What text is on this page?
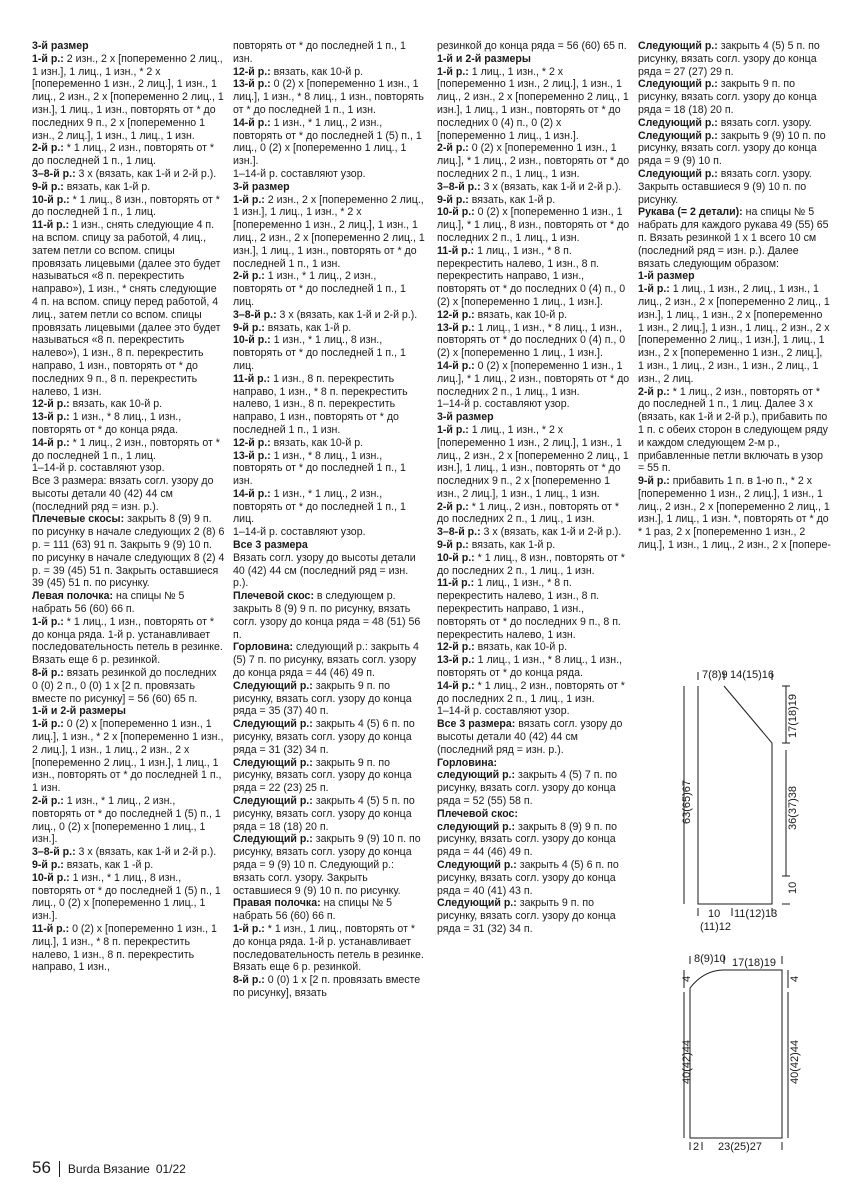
3-й размер

1-й р.: 2 изн., 2 х [попеременно 2 лиц., 1 изн.], 1 лиц., 1 изн., * 2 х [попеременно 1 изн., 2 лиц.], 1 изн., 1 лиц., 2 изн., 2 х [попеременно 2 лиц., 1 изн.], 1 лиц., 1 изн., повторять от * до последних 9 п., 2 х [попеременно 1 изн., 2 лиц.], 1 изн., 1 лиц., 1 изн.

2-й р.: * 1 лиц., 2 изн., повторять от * до последней 1 п., 1 лиц.

3–8-й р.: 3 х (вязать, как 1-й и 2-й р.).

9-й р.: вязать, как 1-й р.

10-й р.: * 1 лиц., 8 изн., повторять от * до последней 1 п., 1 лиц.

11-й р.: 1 изн., снять следующие 4 п. на вспом. спицу за работой, 4 лиц., затем петли со вспом. спицы провязать лицевыми (далее это будет называться «8 п. перекрестить направо»), 1 изн., * снять следующие 4 п. на вспом. спицу перед работой, 4 лиц., затем петли со вспом. спицы провязать лицевыми (далее это будет называться «8 п. перекрестить налево»), 1 изн., 8 п. перекрестить направо, 1 изн., повторять от * до последних 9 п., 8 п. перекрестить налево, 1 изн.

12-й р.: вязать, как 10-й р.

13-й р.: 1 изн., * 8 лиц., 1 изн., повторять от * до конца ряда.

14-й р.: * 1 лиц., 2 изн., повторять от * до последней 1 п., 1 лиц.

1–14-й р. составляют узор.

Все 3 размера: вязать согл. узору до высоты детали 40 (42) 44 см (последний ряд = изн. р.).

Плечевые скосы: закрыть 8 (9) 9 п. по рисунку в начале следующих 2 (8) 6 р. = 111 (63) 91 п. Закрыть 9 (9) 10 п. по рисунку в начале следующих 8 (2) 4 р. = 39 (45) 51 п. Закрыть оставшиеся 39 (45) 51 п. по рисунку.

Левая полочка: на спицы № 5 набрать 56 (60) 66 п.

1-й р.: * 1 лиц., 1 изн., повторять от * до конца ряда. 1-й р. устанавливает последовательность петель в резинке. Вязать еще 6 р. резинкой.

8-й р.: вязать резинкой до последних 0 (0) 2 п., 0 (0) 1 х [2 п. провязать вместе по рисунку] = 56 (60) 65 п.

1-й и 2-й размеры

1-й р.: 0 (2) х [попеременно 1 изн., 1 лиц.], 1 изн., * 2 х [попеременно 1 изн., 2 лиц.], 1 изн., 1 лиц., 2 изн., 2 х [попеременно 2 лиц., 1 изн.], 1 лиц., 1 изн., повторять от * до последней 1 п., 1 изн.

2-й р.: 1 изн., * 1 лиц., 2 изн., повторять от * до последней 1 (5) п., 1 лиц., 0 (2) х [попеременно 1 лиц., 1 изн.].

3–8-й р.: 3 х (вязать, как 1-й и 2-й р.).

9-й р.: вязать, как 1 -й р.

10-й р.: 1 изн., * 1 лиц., 8 изн., повторять от * до последней 1 (5) п., 1 лиц., 0 (2) х [попеременно 1 лиц., 1 изн.].

11-й р.: 0 (2) х [попеременно 1 изн., 1 лиц.], 1 изн., * 8 п. перекрестить налево, 1 изн., 8 п. перекрестить направо, 1 изн.,

повторять от * до последней 1 п., 1 изн.

12-й р.: вязать, как 10-й р.

13-й р.: 0 (2) х [попеременно 1 изн., 1 лиц.], 1 изн., * 8 лиц., 1 изн., повторять от * до последней 1 п., 1 изн.

14-й р.: 1 изн., * 1 лиц., 2 изн., повторять от * до последней 1 (5) п., 1 лиц., 0 (2) х [попеременно 1 лиц., 1 изн.].

1–14-й р. составляют узор.

3-й размер

1-й р.: 2 изн., 2 х [попеременно 2 лиц., 1 изн.], 1 лиц., 1 изн., * 2 х [попеременно 1 изн., 2 лиц.], 1 изн., 1 лиц., 2 изн., 2 х [попеременно 2 лиц., 1 изн.], 1 лиц., 1 изн., повторять от * до последней 1 п., 1 изн.

2-й р.: 1 изн., * 1 лиц., 2 изн., повторять от * до последней 1 п., 1 лиц.

3–8-й р.: 3 х (вязать, как 1-й и 2-й р.).

9-й р.: вязать, как 1-й р.

10-й р.: 1 изн., * 1 лиц., 8 изн., повторять от * до последней 1 п., 1 лиц.

11-й р.: 1 изн., 8 п. перекрестить направо, 1 изн., * 8 п. перекрестить налево, 1 изн., 8 п. перекрестить направо, 1 изн., повторять от * до последней 1 п., 1 изн.

12-й р.: вязать, как 10-й р.

13-й р.: 1 изн., * 8 лиц., 1 изн., повторять от * до последней 1 п., 1 изн.

14-й р.: 1 изн., * 1 лиц., 2 изн., повторять от * до последней 1 п., 1 лиц.

1–14-й р. составляют узор.

Все 3 размера

Вязать согл. узору до высоты детали 40 (42) 44 см (последний ряд = изн. р.).

Плечевой скос: в следующем р. закрыть 8 (9) 9 п. по рисунку, вязать согл. узору до конца ряда = 48 (51) 56 п.

Горловина: следующий р.: закрыть 4 (5) 7 п. по рисунку, вязать согл. узору до конца ряда = 44 (46) 49 п.

Следующий р.: закрыть 9 п. по рисунку, вязать согл. узору до конца ряда = 35 (37) 40 п.

Следующий р.: закрыть 4 (5) 6 п. по рисунку, вязать согл. узору до конца ряда = 31 (32) 34 п.

Следующий р.: закрыть 9 п. по рисунку, вязать согл. узору до конца ряда = 22 (23) 25 п.

Следующий р.: закрыть 4 (5) 5 п. по рисунку, вязать согл. узору до конца ряда = 18 (18) 20 п.

Следующий р.: закрыть 9 (9) 10 п. по рисунку, вязать согл. узору до конца ряда = 9 (9) 10 п. Следующий р.: вязать согл. узору. Закрыть оставшиеся 9 (9) 10 п. по рисунку.

Правая полочка: на спицы № 5 набрать 56 (60) 66 п.

1-й р.: * 1 изн., 1 лиц., повторять от * до конца ряда. 1-й р. устанавливает последовательность петель в резинке. Вязать еще 6 р. резинкой.

8-й р.: 0 (0) 1 х [2 п. провязать вместе по рисунку], вязать

резинкой до конца ряда = 56 (60) 65 п.

1-й и 2-й размеры

1-й р.: 1 лиц., 1 изн., * 2 х [попеременно 1 изн., 2 лиц.], 1 изн., 1 лиц., 2 изн., 2 х [попеременно 2 лиц., 1 изн.], 1 лиц., 1 изн., повторять от * до последних 0 (4) п., 0 (2) х [попеременно 1 лиц., 1 изн.].

2-й р.: 0 (2) х [попеременно 1 изн., 1 лиц.], * 1 лиц., 2 изн., повторять от * до последних 2 п., 1 лиц., 1 изн.

3–8-й р.: 3 х (вязать, как 1-й и 2-й р.).

9-й р.: вязать, как 1-й р.

10-й р.: 0 (2) х [попеременно 1 изн., 1 лиц.], * 1 лиц., 8 изн., повторять от * до последних 2 п., 1 лиц., 1 изн.

11-й р.: 1 лиц., 1 изн., * 8 п. перекрестить налево, 1 изн., 8 п. перекрестить направо, 1 изн., повторять от * до последних 0 (4) п., 0 (2) х [попеременно 1 лиц., 1 изн.].

12-й р.: вязать, как 10-й р.

13-й р.: 1 лиц., 1 изн., * 8 лиц., 1 изн., повторять от * до последних 0 (4) п., 0 (2) х [попеременно 1 лиц., 1 изн.].

14-й р.: 0 (2) х [попеременно 1 изн., 1 лиц.], * 1 лиц., 2 изн., повторять от * до последних 2 п., 1 лиц., 1 изн.

1–14-й р. составляют узор.

3-й размер

1-й р.: 1 лиц., 1 изн., * 2 х [попеременно 1 изн., 2 лиц.], 1 изн., 1 лиц., 2 изн., 2 х [попеременно 2 лиц., 1 изн.], 1 лиц., 1 изн., повторять от * до последних 9 п., 2 х [попеременно 1 изн., 2 лиц.], 1 изн., 1 лиц., 1 изн.

2-й р.: * 1 лиц., 2 изн., повторять от * до последних 2 п., 1 лиц., 1 изн.

3–8-й р.: 3 х (вязать, как 1-й и 2-й р.).

9-й р.: вязать, как 1-й р.

10-й р.: * 1 лиц., 8 изн., повторять от * до последних 2 п., 1 лиц., 1 изн.

11-й р.: 1 лиц., 1 изн., * 8 п. перекрестить налево, 1 изн., 8 п. перекрестить направо, 1 изн., повторять от * до последних 9 п., 8 п. перекрестить налево, 1 изн.

12-й р.: вязать, как 10-й р.

13-й р.: 1 лиц., 1 изн., * 8 лиц., 1 изн., повторять от * до конца ряда.

14-й р.: * 1 лиц., 2 изн., повторять от * до последних 2 п., 1 лиц., 1 изн.

1–14-й р. составляют узор.

Все 3 размера: вязать согл. узору до высоты детали 40 (42) 44 см (последний ряд = изн. р.).

Горловина:

следующий р.: закрыть 4 (5) 7 п. по рисунку, вязать согл. узору до конца ряда = 52 (55) 58 п.

Плечевой скос:

следующий р.: закрыть 8 (9) 9 п. по рисунку, вязать согл. узору до конца ряда = 44 (46) 49 п.

Следующий р.: закрыть 4 (5) 6 п. по рисунку, вязать согл. узору до конца ряда = 40 (41) 43 п.

Следующий р.: закрыть 9 п. по рисунку, вязать согл. узору до конца ряда = 31 (32) 34 п.

Следующий р.: закрыть 4 (5) 5 п. по рисунку, вязать согл. узору до конца ряда = 27 (27) 29 п.

Следующий р.: закрыть 9 п. по рисунку, вязать согл. узору до конца ряда = 18 (18) 20 п.

Следующий р.: вязать согл. узору.

Следующий р.: закрыть 9 (9) 10 п. по рисунку, вязать согл. узору до конца ряда = 9 (9) 10 п.

Следующий р.: вязать согл. узору. Закрыть оставшиеся 9 (9) 10 п. по рисунку.

Рукава (= 2 детали): на спицы № 5 набрать для каждого рукава 49 (55) 65 п. Вязать резинкой 1 х 1 всего 10 см (последний ряд = изн. р.). Далее вязать следующим образом:

1-й размер

1-й р.: 1 лиц., 1 изн., 2 лиц., 1 изн., 1 лиц., 2 изн., 2 х [попеременно 2 лиц., 1 изн.], 1 лиц., 1 изн., 2 х [попеременно 1 изн., 2 лиц.], 1 изн., 1 лиц., 2 изн., 2 х [попеременно 2 лиц., 1 изн.], 1 лиц., 1 изн., 2 х [попеременно 1 изн., 2 лиц.], 1 изн., 1 лиц., 2 изн., 1 изн., 2 лиц., 1 изн., 2 лиц.

2-й р.: * 1 лиц., 2 изн., повторять от * до последней 1 п., 1 лиц. Далее 3 х (вязать, как 1-й и 2-й р.), прибавить по 1 п. с обеих сторон в следующем ряду и каждом следующем 2-м р., прибавленные петли включать в узор = 55 п.

9-й р.: прибавить 1 п. в 1-ю п., * 2 х [попеременно 1 изн., 2 лиц.], 1 изн., 1 лиц., 2 изн., 2 х [попеременно 2 лиц., 1 изн.], 1 лиц., 1 изн. *, повторять от * до * 1 раз, 2 х [попеременно 1 изн., 2 лиц.], 1 изн., 1 лиц., 2 изн., 2 х [попере-

7(8)9 14(15)16
17(18)19
63(65)67	36(37)38
10
10 11(12)13
(11)12
8(9)10 17(18)19
4	4
40(42)44	40(42)44
2 23(25)27
56 Burda Вязание 01/22
